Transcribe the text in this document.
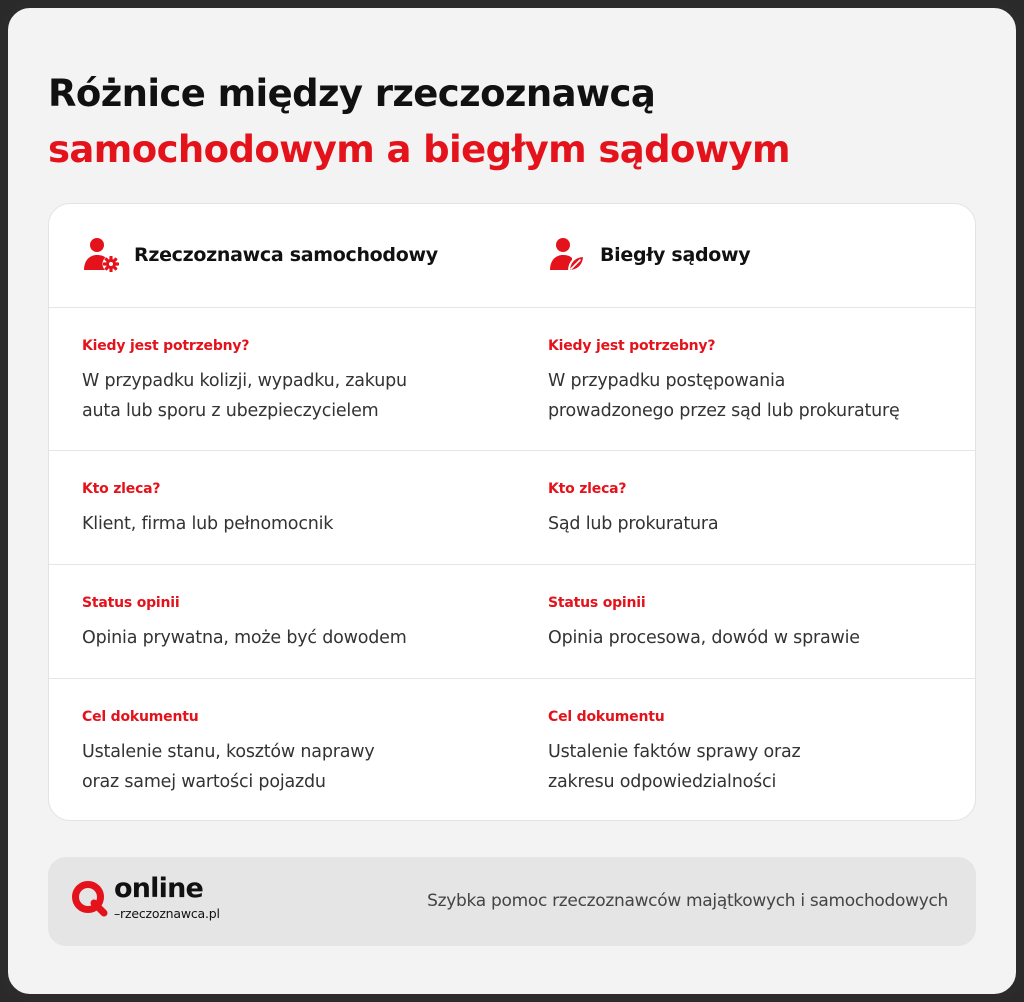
Różnice między rzeczoznawcą
samochodowym a biegłym sądowym
Rzeczoznawca samochodowy	Biegły sądowy
Kiedy jest potrzebny?
W przypadku kolizji, wypadku, zakupu
auta lub sporu z ubezpieczycielem
Kiedy jest potrzebny?
W przypadku postępowania
prowadzonego przez sąd lub prokuraturę
Kto zleca?
Klient, firma lub pełnomocnik
Kto zleca?
Sąd lub prokuratura
Status opinii
Opinia prywatna, może być dowodem
Status opinii
Opinia procesowa, dowód w sprawie
Cel dokumentu
Ustalenie stanu, kosztów naprawy
oraz samej wartości pojazdu
Cel dokumentu
Ustalenie faktów sprawy oraz
zakresu odpowiedzialności
online
–rzeczoznawca.pl
Szybka pomoc rzeczoznawców majątkowych i samochodowych
